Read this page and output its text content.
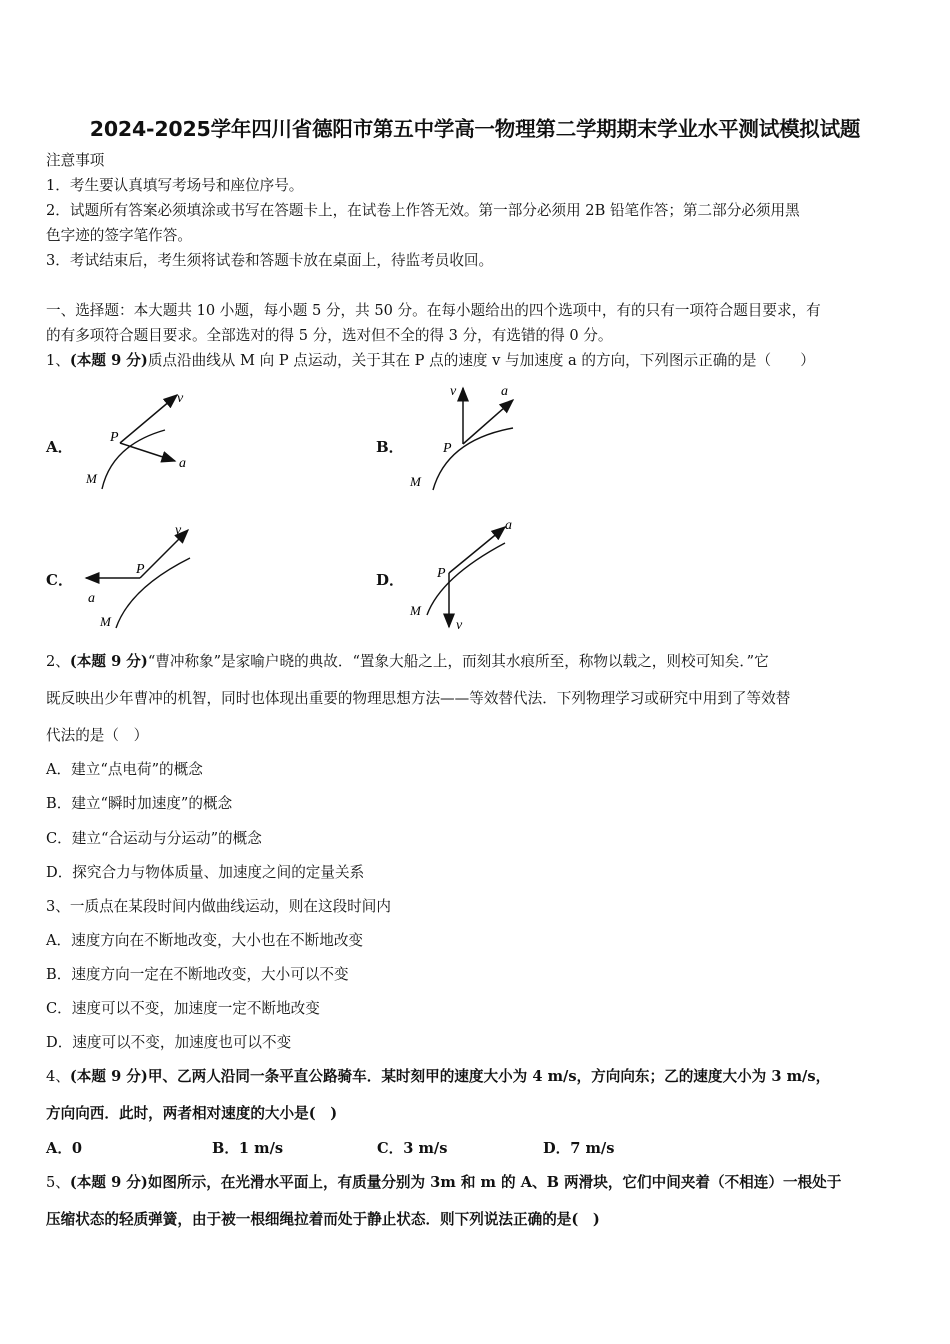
2024-2025学年四川省德阳市第五中学高一物理第二学期期末学业水平测试模拟试题
注意事项
1．考生要认真填写考场号和座位序号。
2．试题所有答案必须填涂或书写在答题卡上，在试卷上作答无效。第一部分必须用 2B 铅笔作答；第二部分必须用黑
色字迹的签字笔作答。
3．考试结束后，考生须将试卷和答题卡放在桌面上，待监考员收回。
一、选择题：本大题共 10 小题，每小题 5 分，共 50 分。在每小题给出的四个选项中，有的只有一项符合题目要求，有
的有多项符合题目要求。全部选对的得 5 分，选对但不全的得 3 分，有选错的得 0 分。
1、(本题 9 分)质点沿曲线从 M 向 P 点运动，关于其在 P 点的速度 v 与加速度 a 的方向，下列图示正确的是（　　）
A．	B．
C．	D．
P
M
v
a
P
M
v	a
P
M
v
a
P
M
v
a
2、(本题 9 分)“曹冲称象”是家喻户晓的典故．“置象大船之上，而刻其水痕所至，称物以载之，则校可知矣．”它
既反映出少年曹冲的机智，同时也体现出重要的物理思想方法——等效替代法．下列物理学习或研究中用到了等效替
代法的是（　）
A．建立“点电荷”的概念
B．建立“瞬时加速度”的概念
C．建立“合运动与分运动”的概念
D．探究合力与物体质量、加速度之间的定量关系
3、一质点在某段时间内做曲线运动，则在这段时间内
A．速度方向在不断地改变，大小也在不断地改变
B．速度方向一定在不断地改变，大小可以不变
C．速度可以不变，加速度一定不断地改变
D．速度可以不变，加速度也可以不变
4、(本题 9 分)甲、乙两人沿同一条平直公路骑车．某时刻甲的速度大小为 4 m/s，方向向东；乙的速度大小为 3 m/s，
方向向西．此时，两者相对速度的大小是(　)
A．0	B．1 m/s	C．3 m/s	D．7 m/s
5、(本题 9 分)如图所示，在光滑水平面上，有质量分别为 3m 和 m 的 A、B 两滑块，它们中间夹着（不相连）一根处于
压缩状态的轻质弹簧，由于被一根细绳拉着而处于静止状态．则下列说法正确的是(　)
